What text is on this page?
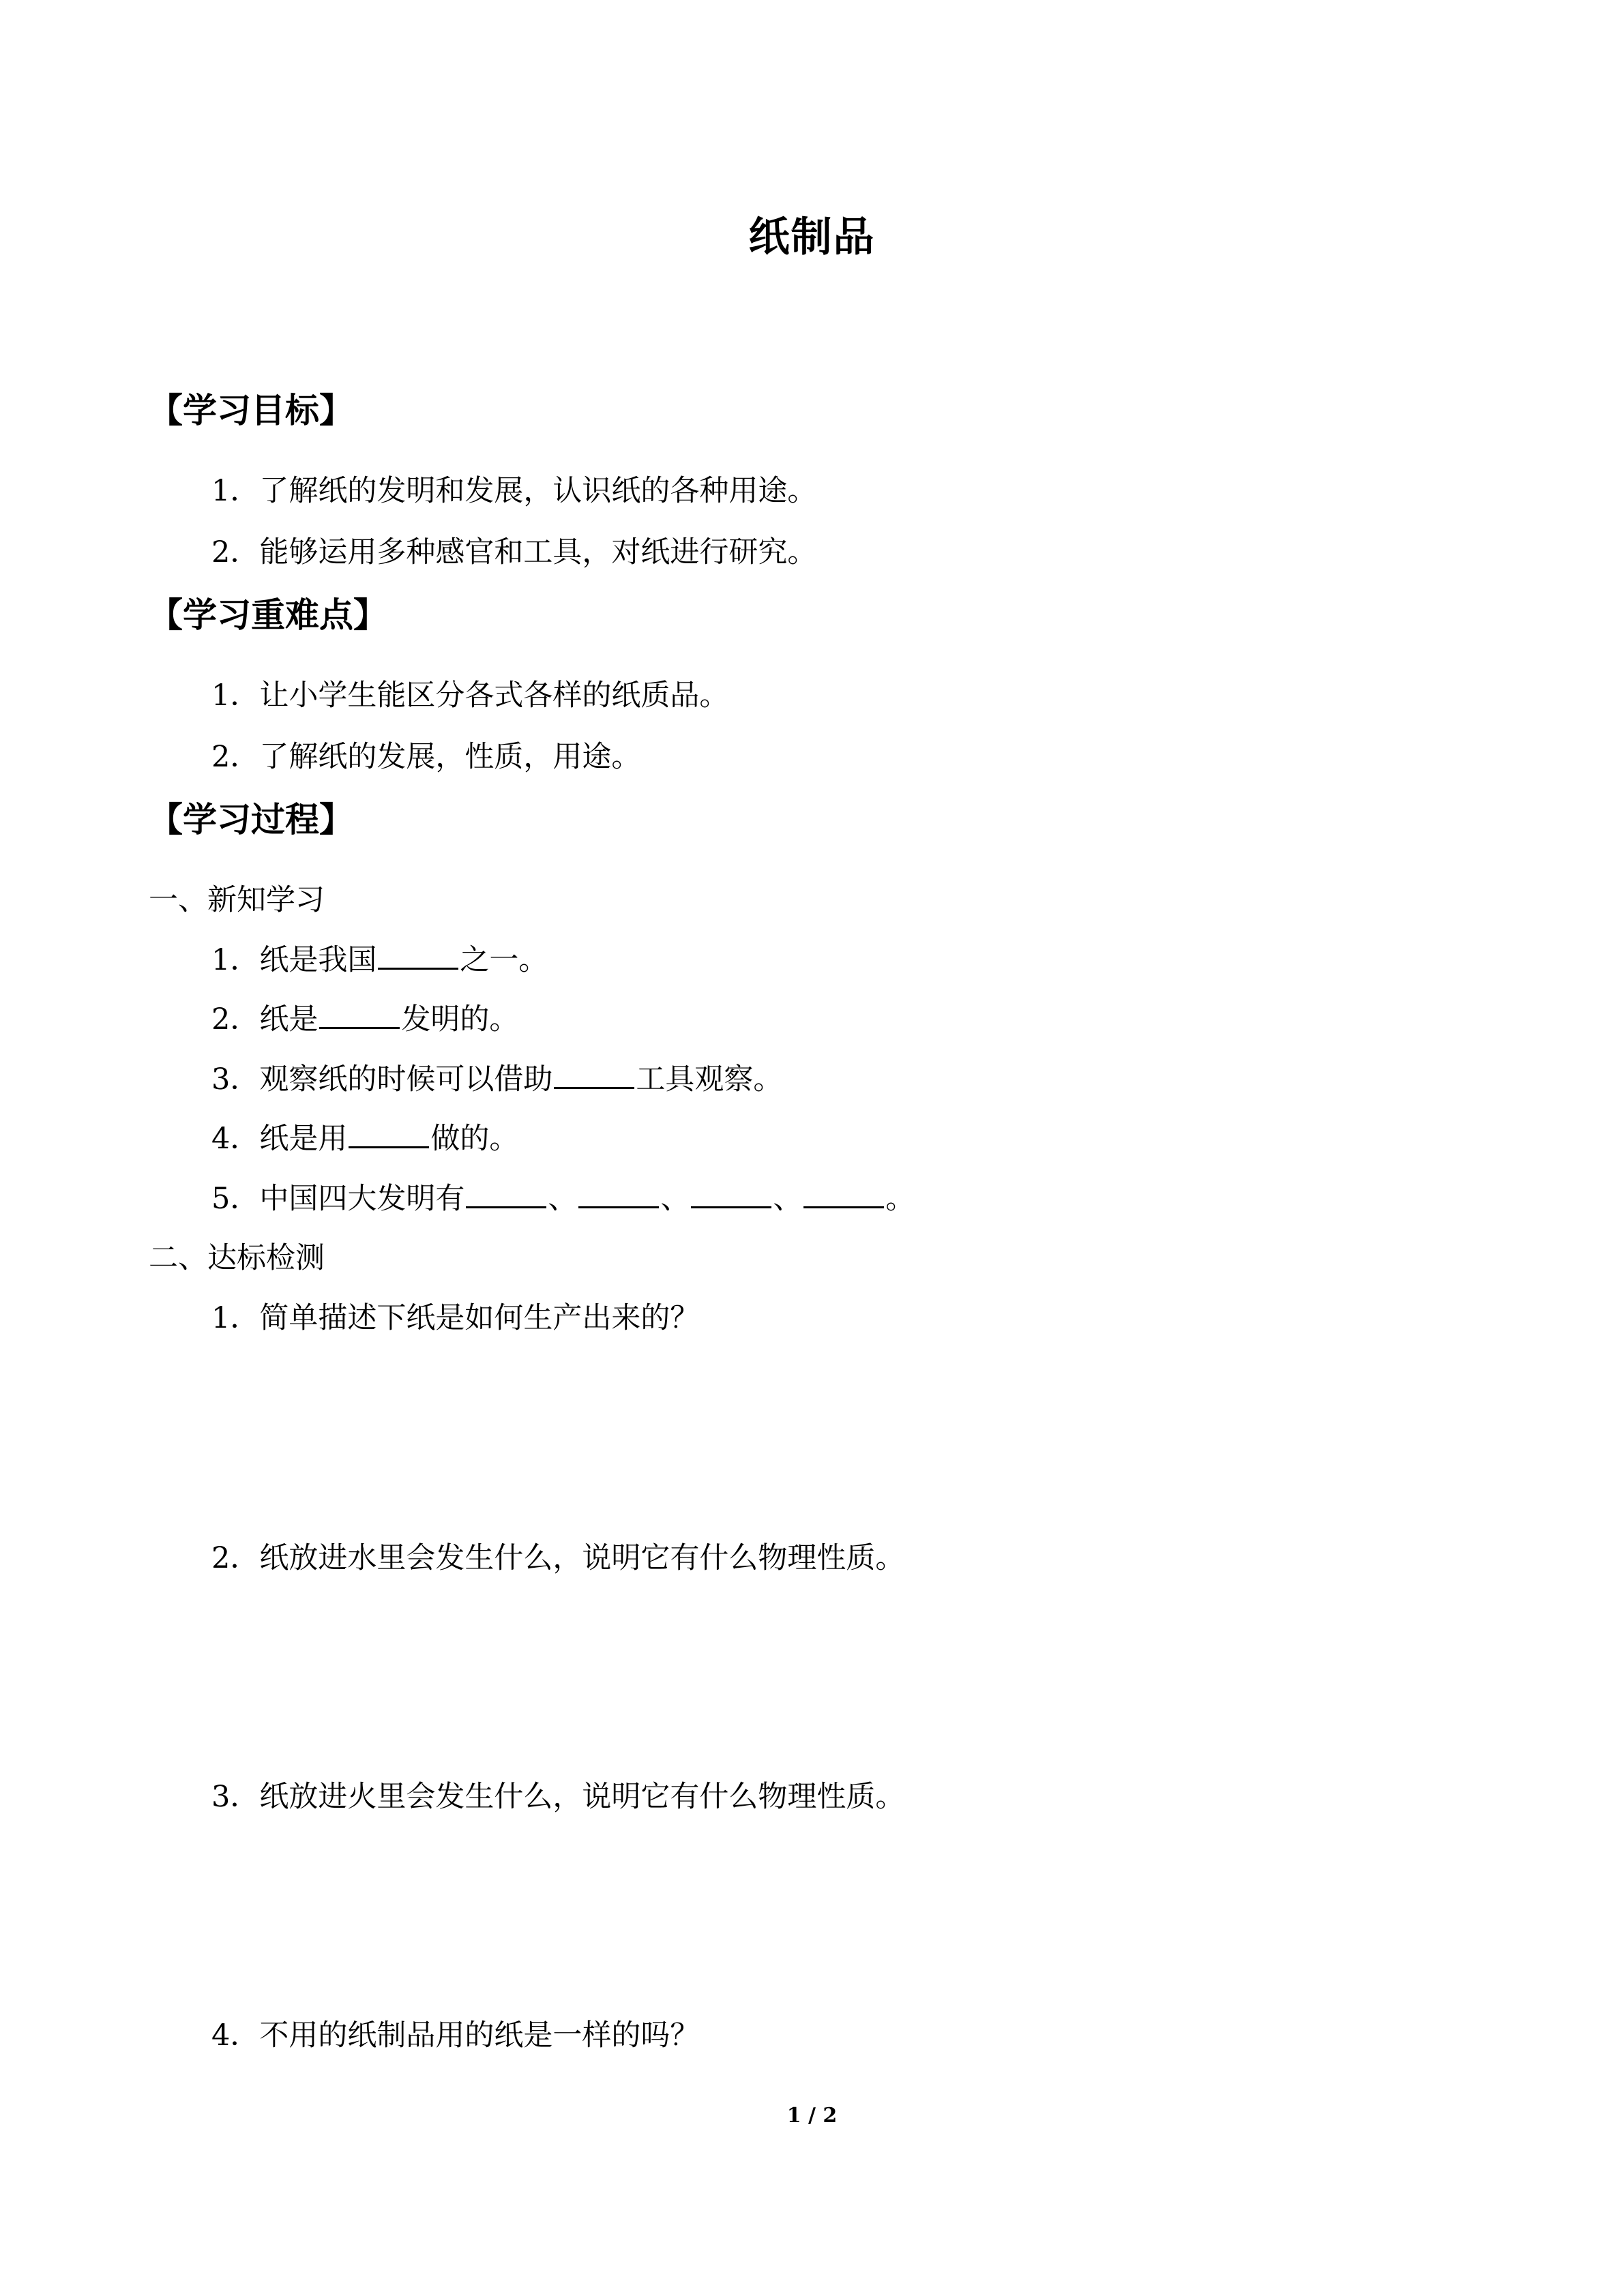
纸制品
【学习目标】
1．了解纸的发明和发展，认识纸的各种用途。
2．能够运用多种感官和工具，对纸进行研究。
【学习重难点】
1．让小学生能区分各式各样的纸质品。
2．了解纸的发展，性质，用途。
【学习过程】
一、新知学习
1．纸是我国	之一。
2．纸是	发明的。
3．观察纸的时候可以借助	工具观察。
4．纸是用	做的。
5．中国四大发明有	、	、	、	。
二、达标检测
1．简单描述下纸是如何生产出来的？
2．纸放进水里会发生什么，说明它有什么物理性质。
3．纸放进火里会发生什么，说明它有什么物理性质。
4．不用的纸制品用的纸是一样的吗？
1 / 2
